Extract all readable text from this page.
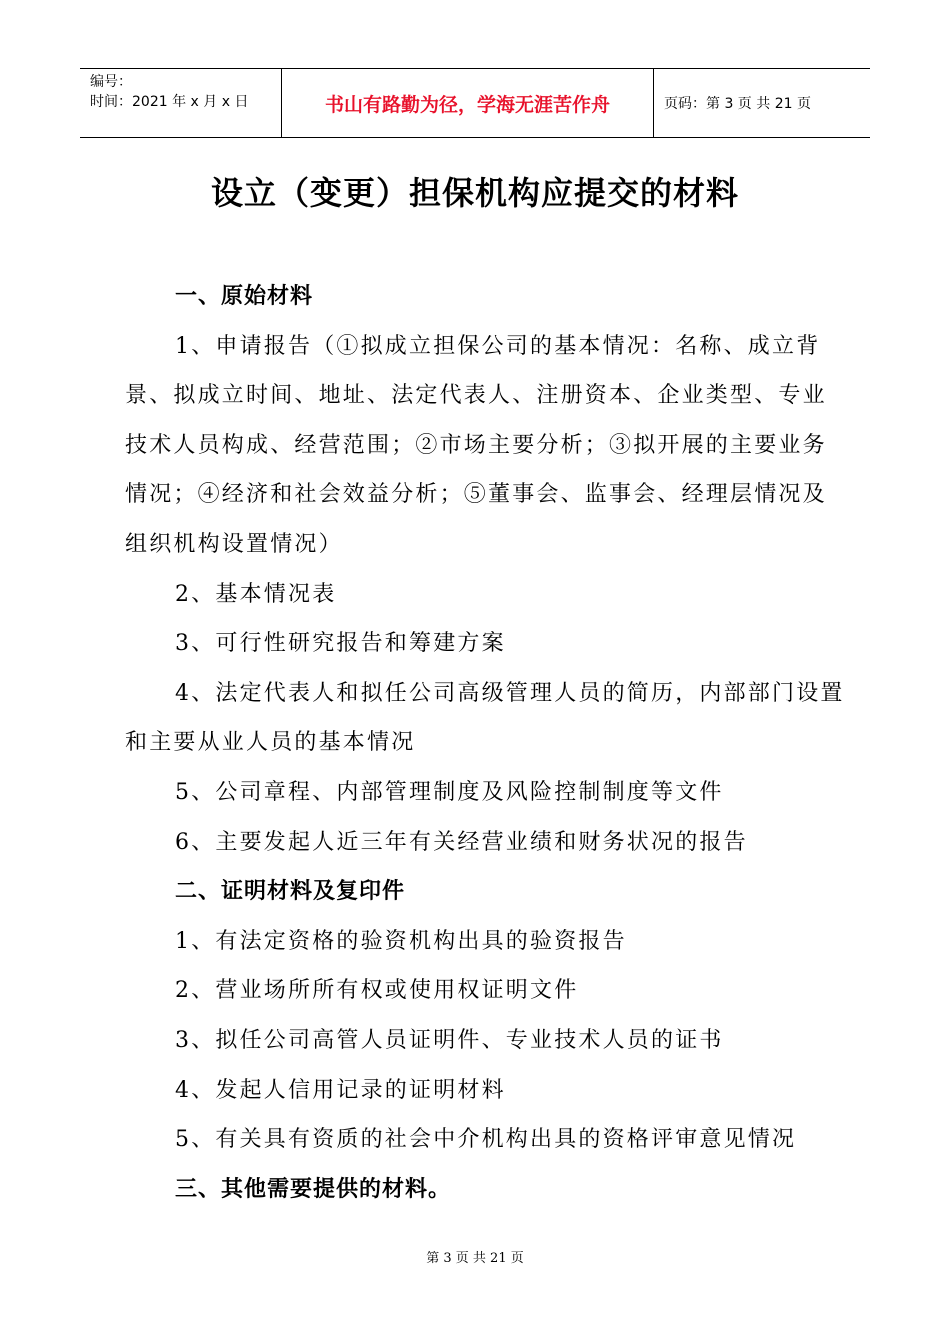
编号：
时间：2021 年 x 月 x 日	书山有路勤为径，学海无涯苦作舟	页码：第 3 页 共 21 页
设立（变更）担保机构应提交的材料

一、原始材料

1、申请报告（①拟成立担保公司的基本情况：名称、成立背景、拟成立时间、地址、法定代表人、注册资本、企业类型、专业技术人员构成、经营范围；②市场主要分析；③拟开展的主要业务情况；④经济和社会效益分析；⑤董事会、监事会、经理层情况及组织机构设置情况）

2、基本情况表

3、可行性研究报告和筹建方案

4、法定代表人和拟任公司高级管理人员的简历，内部部门设置和主要从业人员的基本情况

5、公司章程、内部管理制度及风险控制制度等文件

6、主要发起人近三年有关经营业绩和财务状况的报告

二、证明材料及复印件

1、有法定资格的验资机构出具的验资报告

2、营业场所所有权或使用权证明文件

3、拟任公司高管人员证明件、专业技术人员的证书

4、发起人信用记录的证明材料

5、有关具有资质的社会中介机构出具的资格评审意见情况

三、其他需要提供的材料。

第 3 页 共 21 页
